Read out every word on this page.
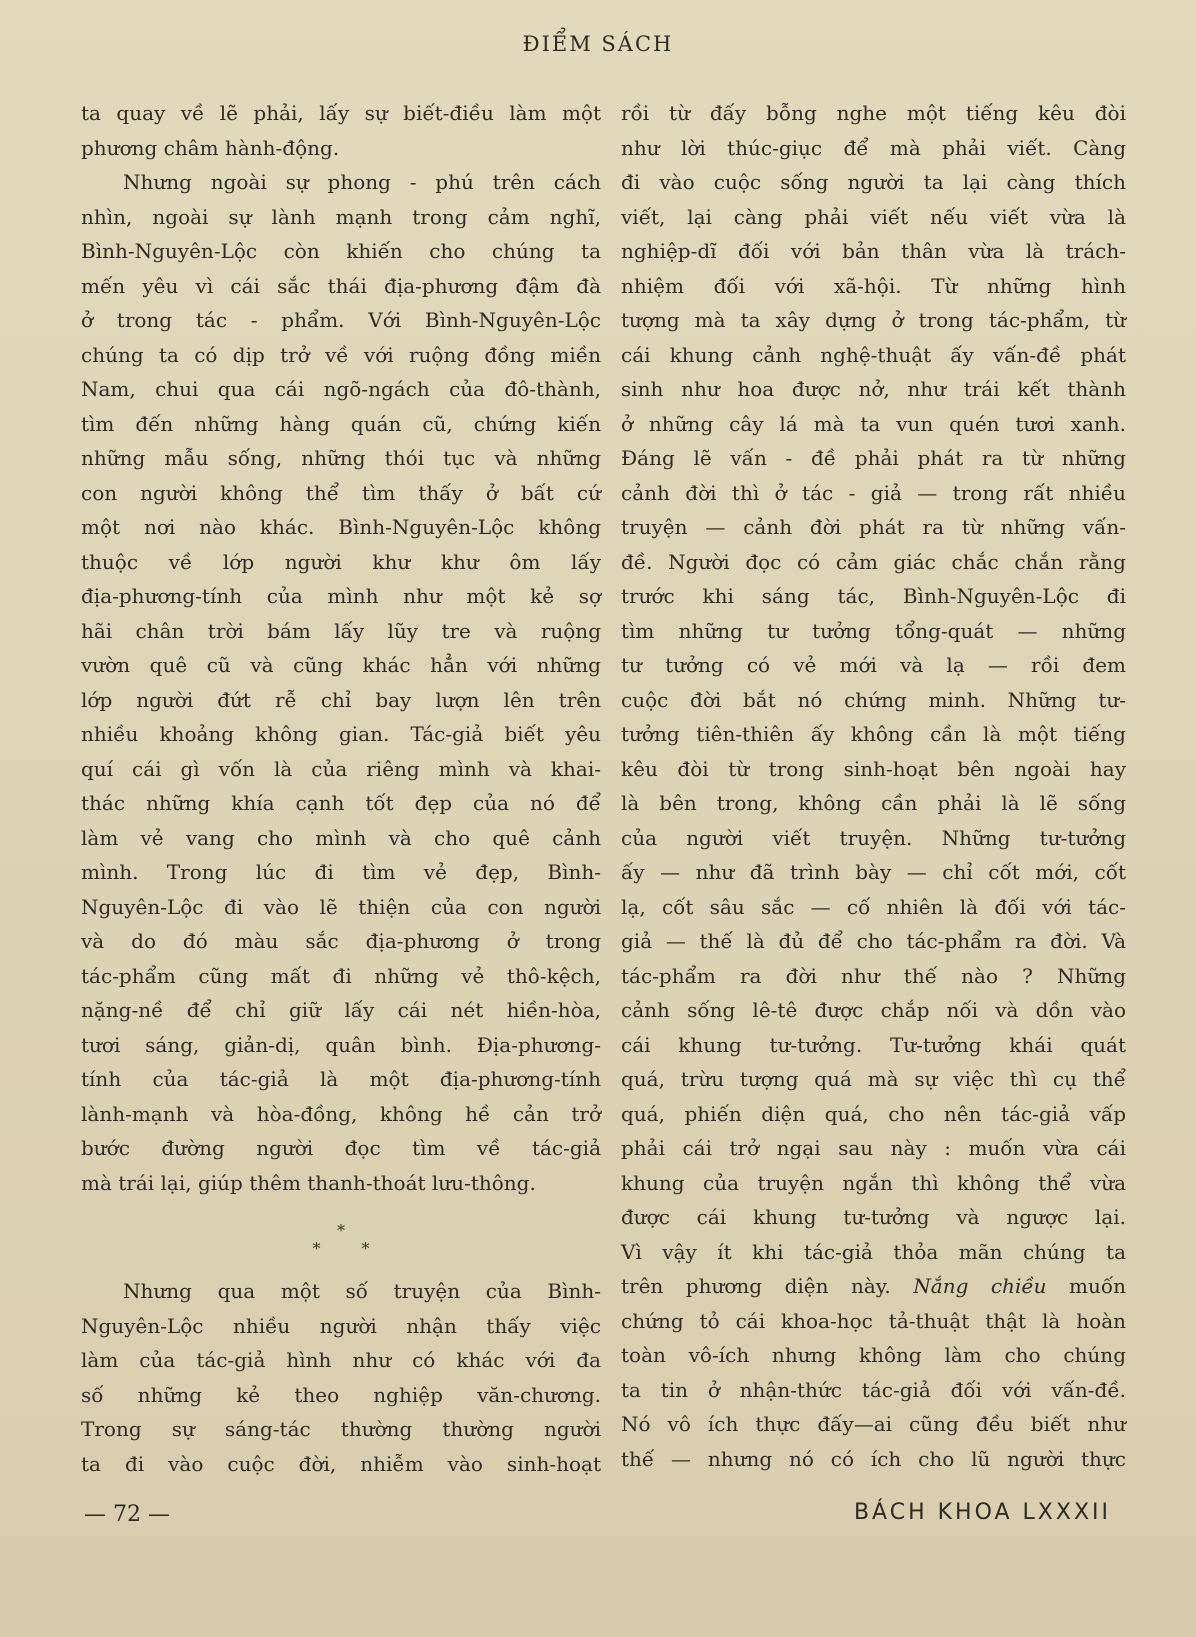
ĐIỂM SÁCH

ta quay về lẽ phải, lấy sự biết-điều làm một

phương châm hành-động.

Nhưng ngoài sự phong - phú trên cách

nhìn, ngoài sự lành mạnh trong cảm nghĩ,

Bình-Nguyên-Lộc còn khiến cho chúng ta

mến yêu vì cái sắc thái địa-phương đậm đà

ở trong tác - phẩm. Với Bình-Nguyên-Lộc

chúng ta có dịp trở về với ruộng đồng miền

Nam, chui qua cái ngõ-ngách của đô-thành,

tìm đến những hàng quán cũ, chứng kiến

những mẫu sống, những thói tục và những

con người không thể tìm thấy ở bất cứ

một nơi nào khác. Bình-Nguyên-Lộc không

thuộc về lớp người khư khư ôm lấy

địa-phương-tính của mình như một kẻ sợ

hãi chân trời bám lấy lũy tre và ruộng

vườn quê cũ và cũng khác hẳn với những

lớp người đứt rễ chỉ bay lượn lên trên

nhiều khoảng không gian. Tác-giả biết yêu

quí cái gì vốn là của riêng mình và khai-

thác những khía cạnh tốt đẹp của nó để

làm vẻ vang cho mình và cho quê cảnh

mình. Trong lúc đi tìm vẻ đẹp, Bình-

Nguyên-Lộc đi vào lẽ thiện của con người

và do đó màu sắc địa-phương ở trong

tác-phẩm cũng mất đi những vẻ thô-kệch,

nặng-nề để chỉ giữ lấy cái nét hiền-hòa,

tươi sáng, giản-dị, quân bình. Địa-phương-

tính của tác-giả là một địa-phương-tính

lành-mạnh và hòa-đồng, không hề cản trở

bước đường người đọc tìm về tác-giả

mà trái lại, giúp thêm thanh-thoát lưu-thông.

*
* *

Nhưng qua một số truyện của Bình-

Nguyên-Lộc nhiều người nhận thấy việc

làm của tác-giả hình như có khác với đa

số những kẻ theo nghiệp văn-chương.

Trong sự sáng-tác thường thường người

ta đi vào cuộc đời, nhiễm vào sinh-hoạt

rồi từ đấy bỗng nghe một tiếng kêu đòi

như lời thúc-giục để mà phải viết. Càng

đi vào cuộc sống người ta lại càng thích

viết, lại càng phải viết nếu viết vừa là

nghiệp-dĩ đối với bản thân vừa là trách-

nhiệm đối với xã-hội. Từ những hình

tượng mà ta xây dựng ở trong tác-phẩm, từ

cái khung cảnh nghệ-thuật ấy vấn-đề phát

sinh như hoa được nở, như trái kết thành

ở những cây lá mà ta vun quén tươi xanh.

Đáng lẽ vấn - đề phải phát ra từ những

cảnh đời thì ở tác - giả — trong rất nhiều

truyện — cảnh đời phát ra từ những vấn-

đề. Người đọc có cảm giác chắc chắn rằng

trước khi sáng tác, Bình-Nguyên-Lộc đi

tìm những tư tưởng tổng-quát — những

tư tưởng có vẻ mới và lạ — rồi đem

cuộc đời bắt nó chứng minh. Những tư-

tưởng tiên-thiên ấy không cần là một tiếng

kêu đòi từ trong sinh-hoạt bên ngoài hay

là bên trong, không cần phải là lẽ sống

của người viết truyện. Những tư-tưởng

ấy — như đã trình bày — chỉ cốt mới, cốt

lạ, cốt sâu sắc — cố nhiên là đối với tác-

giả — thế là đủ để cho tác-phẩm ra đời. Và

tác-phẩm ra đời như thế nào ? Những

cảnh sống lê-tê được chắp nối và dồn vào

cái khung tư-tưởng. Tư-tưởng khái quát

quá, trừu tượng quá mà sự việc thì cụ thể

quá, phiến diện quá, cho nên tác-giả vấp

phải cái trở ngại sau này : muốn vừa cái

khung của truyện ngắn thì không thể vừa

được cái khung tư-tưởng và ngược lại.

Vì vậy ít khi tác-giả thỏa mãn chúng ta

trên phương diện này. Nắng chiều muốn

chứng tỏ cái khoa-học tả-thuật thật là hoàn

toàn vô-ích nhưng không làm cho chúng

ta tin ở nhận-thức tác-giả đối với vấn-đề.

Nó vô ích thực đấy—ai cũng đều biết như

thế — nhưng nó có ích cho lũ người thực

— 72 —	BÁCH KHOA LXXXII
